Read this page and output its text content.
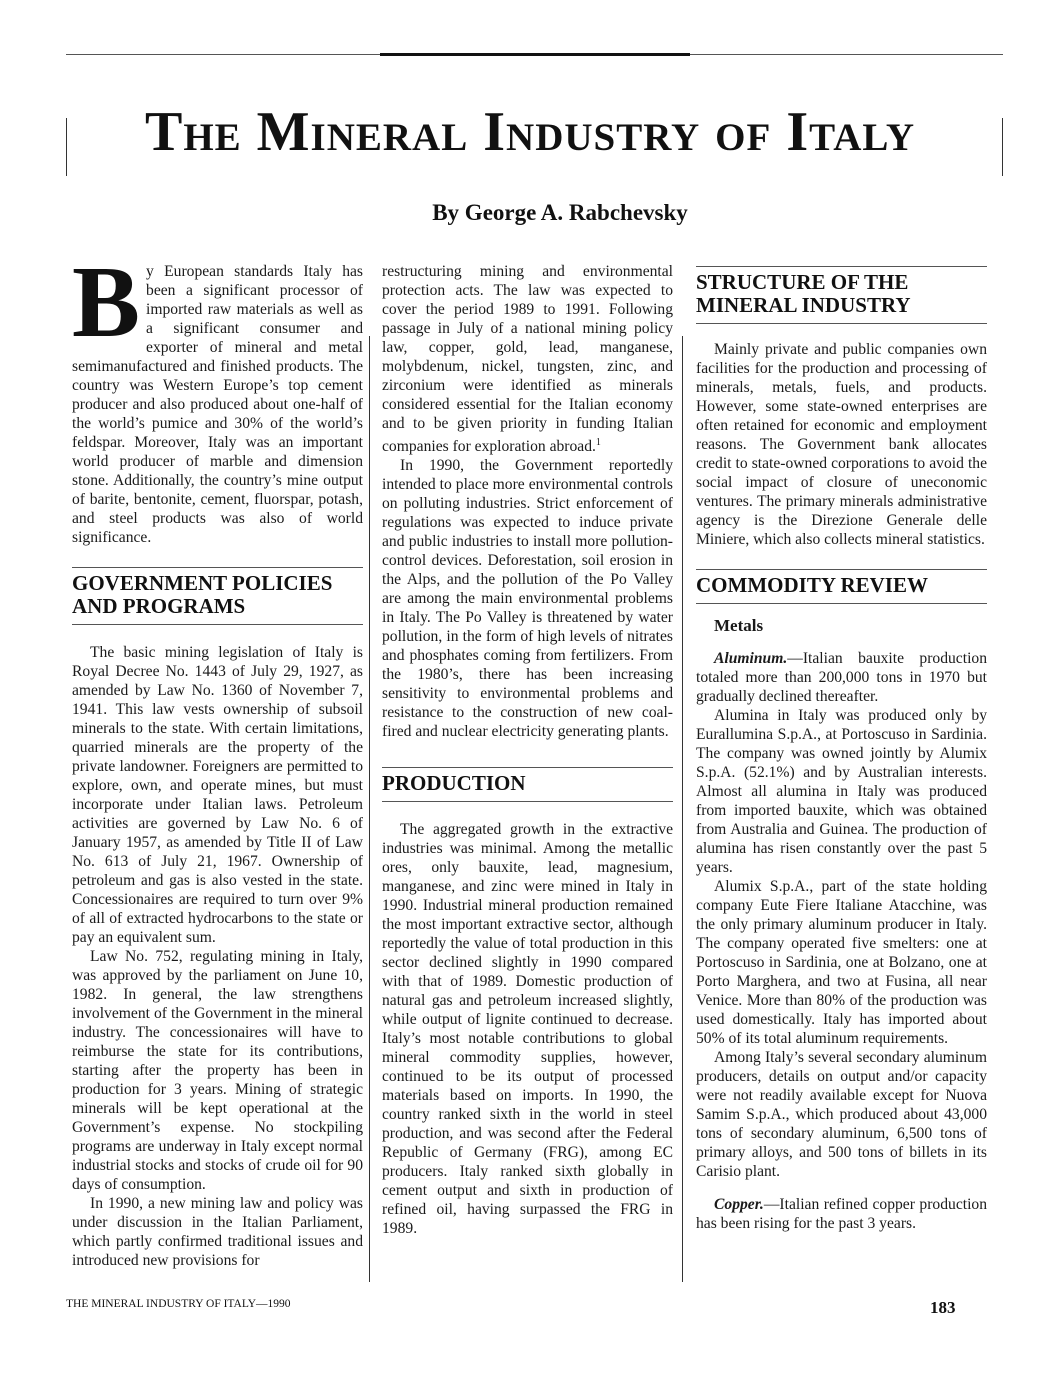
The Mineral Industry of Italy
By George A. Rabchevsky

By European standards Italy has been a significant processor of imported raw materials as well as a significant consumer and exporter of mineral and metal semimanufactured and finished products. The country was Western Europe’s top cement producer and also produced about one-half of the world’s pumice and 30% of the world’s feldspar. Moreover, Italy was an important world producer of marble and dimension stone. Additionally, the country’s mine output of barite, bentonite, cement, fluorspar, potash, and steel products was also of world significance.

GOVERNMENT POLICIES AND PROGRAMS

The basic mining legislation of Italy is Royal Decree No. 1443 of July 29, 1927, as amended by Law No. 1360 of November 7, 1941. This law vests ownership of subsoil minerals to the state. With certain limitations, quarried minerals are the property of the private landowner. Foreigners are permitted to explore, own, and operate mines, but must incorporate under Italian laws. Petroleum activities are governed by Law No. 6 of January 1957, as amended by Title II of Law No. 613 of July 21, 1967. Ownership of petroleum and gas is also vested in the state. Concessionaires are required to turn over 9% of all of extracted hydrocarbons to the state or pay an equivalent sum.

Law No. 752, regulating mining in Italy, was approved by the parliament on June 10, 1982. In general, the law strengthens involvement of the Government in the mineral industry. The concessionaires will have to reimburse the state for its contributions, starting after the property has been in production for 3 years. Mining of strategic minerals will be kept operational at the Government’s expense. No stockpiling programs are underway in Italy except normal industrial stocks and stocks of crude oil for 90 days of consumption.

In 1990, a new mining law and policy was under discussion in the Italian Parliament, which partly confirmed traditional issues and introduced new provisions for

restructuring mining and environmental protection acts. The law was expected to cover the period 1989 to 1991. Following passage in July of a national mining policy law, copper, gold, lead, manganese, molybdenum, nickel, tungsten, zinc, and zirconium were identified as minerals considered essential for the Italian economy and to be given priority in funding Italian companies for exploration abroad.$^1$

In 1990, the Government reportedly intended to place more environmental controls on polluting industries. Strict enforcement of regulations was expected to induce private and public industries to install more pollution-control devices. Deforestation, soil erosion in the Alps, and the pollution of the Po Valley are among the main environmental problems in Italy. The Po Valley is threatened by water pollution, in the form of high levels of nitrates and phosphates coming from fertilizers. From the 1980’s, there has been increasing sensitivity to environmental problems and resistance to the construction of new coal-fired and nuclear electricity generating plants.

PRODUCTION

The aggregated growth in the extractive industries was minimal. Among the metallic ores, only bauxite, lead, magnesium, manganese, and zinc were mined in Italy in 1990. Industrial mineral production remained the most important extractive sector, although reportedly the value of total production in this sector declined slightly in 1990 compared with that of 1989. Domestic production of natural gas and petroleum increased slightly, while output of lignite continued to decrease. Italy’s most notable contributions to global mineral commodity supplies, however, continued to be its output of processed materials based on imports. In 1990, the country ranked sixth in the world in steel production, and was second after the Federal Republic of Germany (FRG), among EC producers. Italy ranked sixth globally in cement output and sixth in production of refined oil, having surpassed the FRG in 1989.

STRUCTURE OF THE MINERAL INDUSTRY

Mainly private and public companies own facilities for the production and processing of minerals, metals, fuels, and products. However, some state-owned enterprises are often retained for economic and employment reasons. The Government bank allocates credit to state-owned corporations to avoid the social impact of closure of uneconomic ventures. The primary minerals administrative agency is the Direzione Generale delle Miniere, which also collects mineral statistics.

COMMODITY REVIEW

Metals

Aluminum.—Italian bauxite production totaled more than 200,000 tons in 1970 but gradually declined thereafter.

Alumina in Italy was produced only by Eurallumina S.p.A., at Portoscuso in Sardinia. The company was owned jointly by Alumix S.p.A. (52.1%) and by Australian interests. Almost all alumina in Italy was produced from imported bauxite, which was obtained from Australia and Guinea. The production of alumina has risen constantly over the past 5 years.

Alumix S.p.A., part of the state holding company Eute Fiere Italiane Atacchine, was the only primary aluminum producer in Italy. The company operated five smelters: one at Portoscuso in Sardinia, one at Bolzano, one at Porto Marghera, and two at Fusina, all near Venice. More than 80% of the production was used domestically. Italy has imported about 50% of its total aluminum requirements.

Among Italy’s several secondary aluminum producers, details on output and/or capacity were not readily available except for Nuova Samim S.p.A., which produced about 43,000 tons of secondary aluminum, 6,500 tons of primary alloys, and 500 tons of billets in its Carisio plant.

Copper.—Italian refined copper production has been rising for the past 3 years.

THE MINERAL INDUSTRY OF ITALY—1990	183
